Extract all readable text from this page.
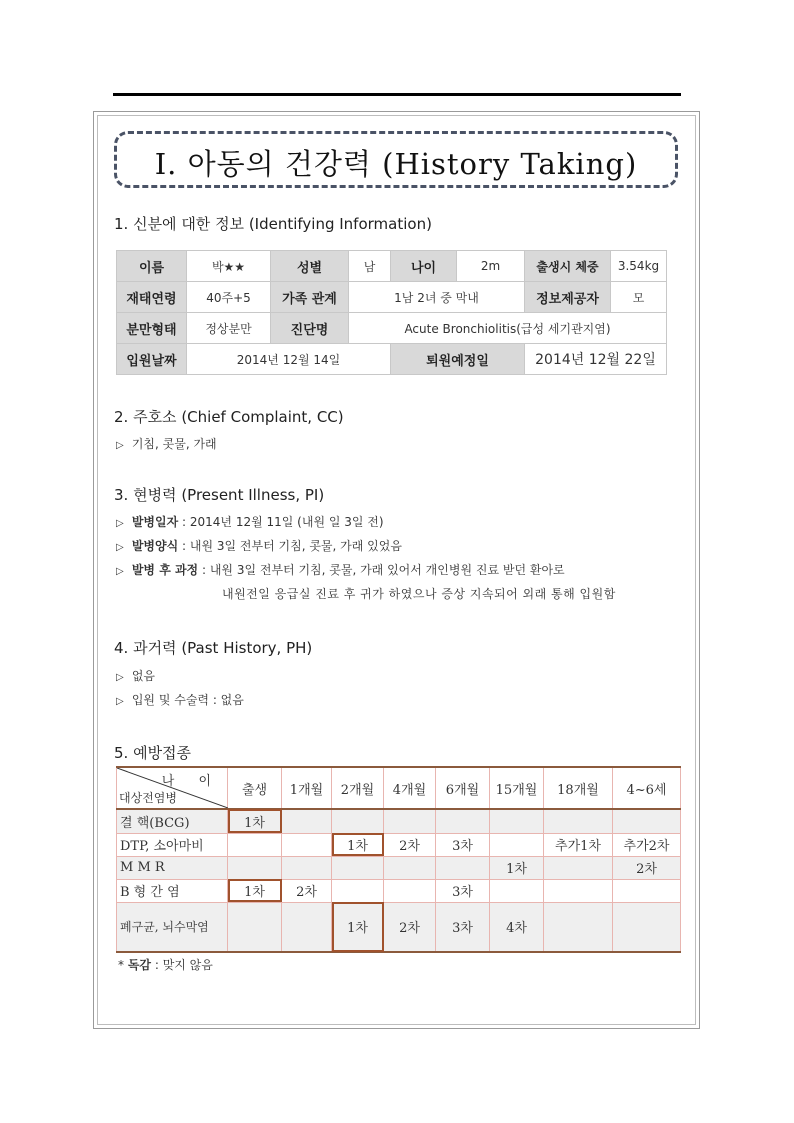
I. 아동의 건강력 (History Taking)
1. 신분에 대한 정보 (Identifying Information)
이름	박★★	성별	남	나이	2m	출생시 체중	3.54kg
재태연령	40주+5	가족 관계	1남 2녀 중 막내			정보제공자	모
분만형태	정상분만	진단명	Acute Bronchiolitis(급성 세기관지염)				
입원날짜	2014년 12월 14일			퇴원예정일		2014년 12월 22일	
2. 주호소 (Chief Complaint, CC)
▷ 기침, 콧물, 가래
3. 현병력 (Present Illness, PI)
▷ 발병일자 : 2014년 12월 11일 (내원 일 3일 전)
▷ 발병양식 : 내원 3일 전부터 기침, 콧물, 가래 있었음
▷ 발병 후 과정 : 내원 3일 전부터 기침, 콧물, 가래 있어서 개인병원 진료 받던 환아로
내원전일 응급실 진료 후 귀가 하였으나 증상 지속되어 외래 통해 입원함
4. 과거력 (Past History, PH)
▷ 없음
▷ 입원 및 수술력 : 없음
5. 예방접종
나 이
대상전염병	출생	1개월	2개월	4개월	6개월	15개월	18개월	4~6세
결 핵(BCG)	1차							
DTP, 소아마비			1차	2차	3차		추가1차	추가2차
M M R						1차		2차
B 형 간 염	1차	2차			3차			
폐구균, 뇌수막염			1차	2차	3차	4차		
* 독감 : 맞지 않음
